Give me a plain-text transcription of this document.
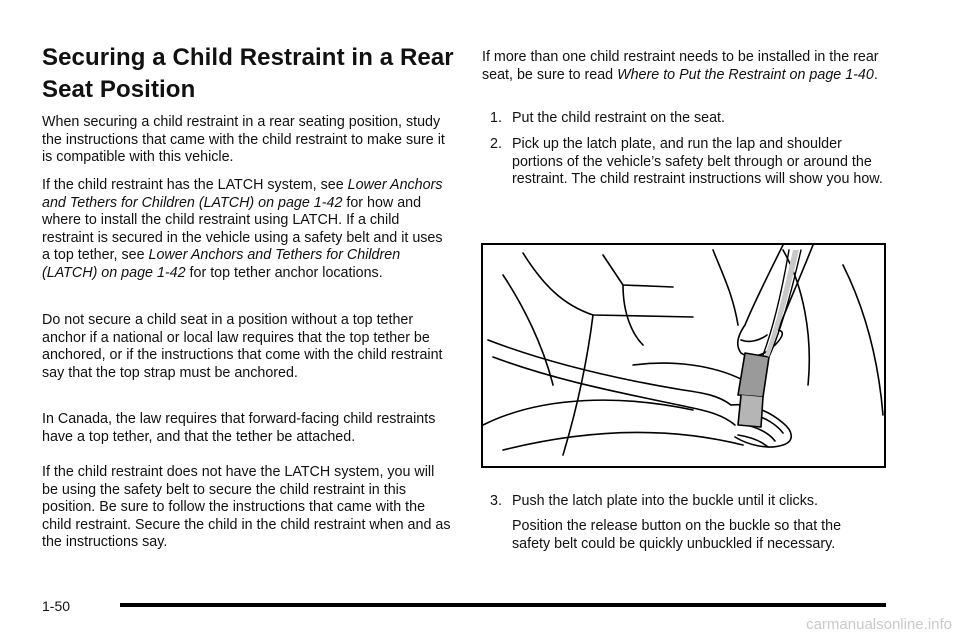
Securing a Child Restraint in a Rear Seat Position

When securing a child restraint in a rear seating position, study the instructions that came with the child restraint to make sure it is compatible with this vehicle.

If the child restraint has the LATCH system, see Lower Anchors and Tethers for Children (LATCH) on page 1-42 for how and where to install the child restraint using LATCH. If a child restraint is secured in the vehicle using a safety belt and it uses a top tether, see Lower Anchors and Tethers for Children (LATCH) on page 1-42 for top tether anchor locations.

Do not secure a child seat in a position without a top tether anchor if a national or local law requires that the top tether be anchored, or if the instructions that come with the child restraint say that the top strap must be anchored.

In Canada, the law requires that forward-facing child restraints have a top tether, and that the tether be attached.

If the child restraint does not have the LATCH system, you will be using the safety belt to secure the child restraint in this position. Be sure to follow the instructions that came with the child restraint. Secure the child in the child restraint when and as the instructions say.

If more than one child restraint needs to be installed in the rear seat, be sure to read Where to Put the Restraint on page 1-40.

1. Put the child restraint on the seat.
2. Pick up the latch plate, and run the lap and shoulder portions of the vehicle’s safety belt through or around the restraint. The child restraint instructions will show you how.
3. Push the latch plate into the buckle until it clicks.

Position the release button on the buckle so that the safety belt could be quickly unbuckled if necessary.

1-50
carmanualsonline.info
